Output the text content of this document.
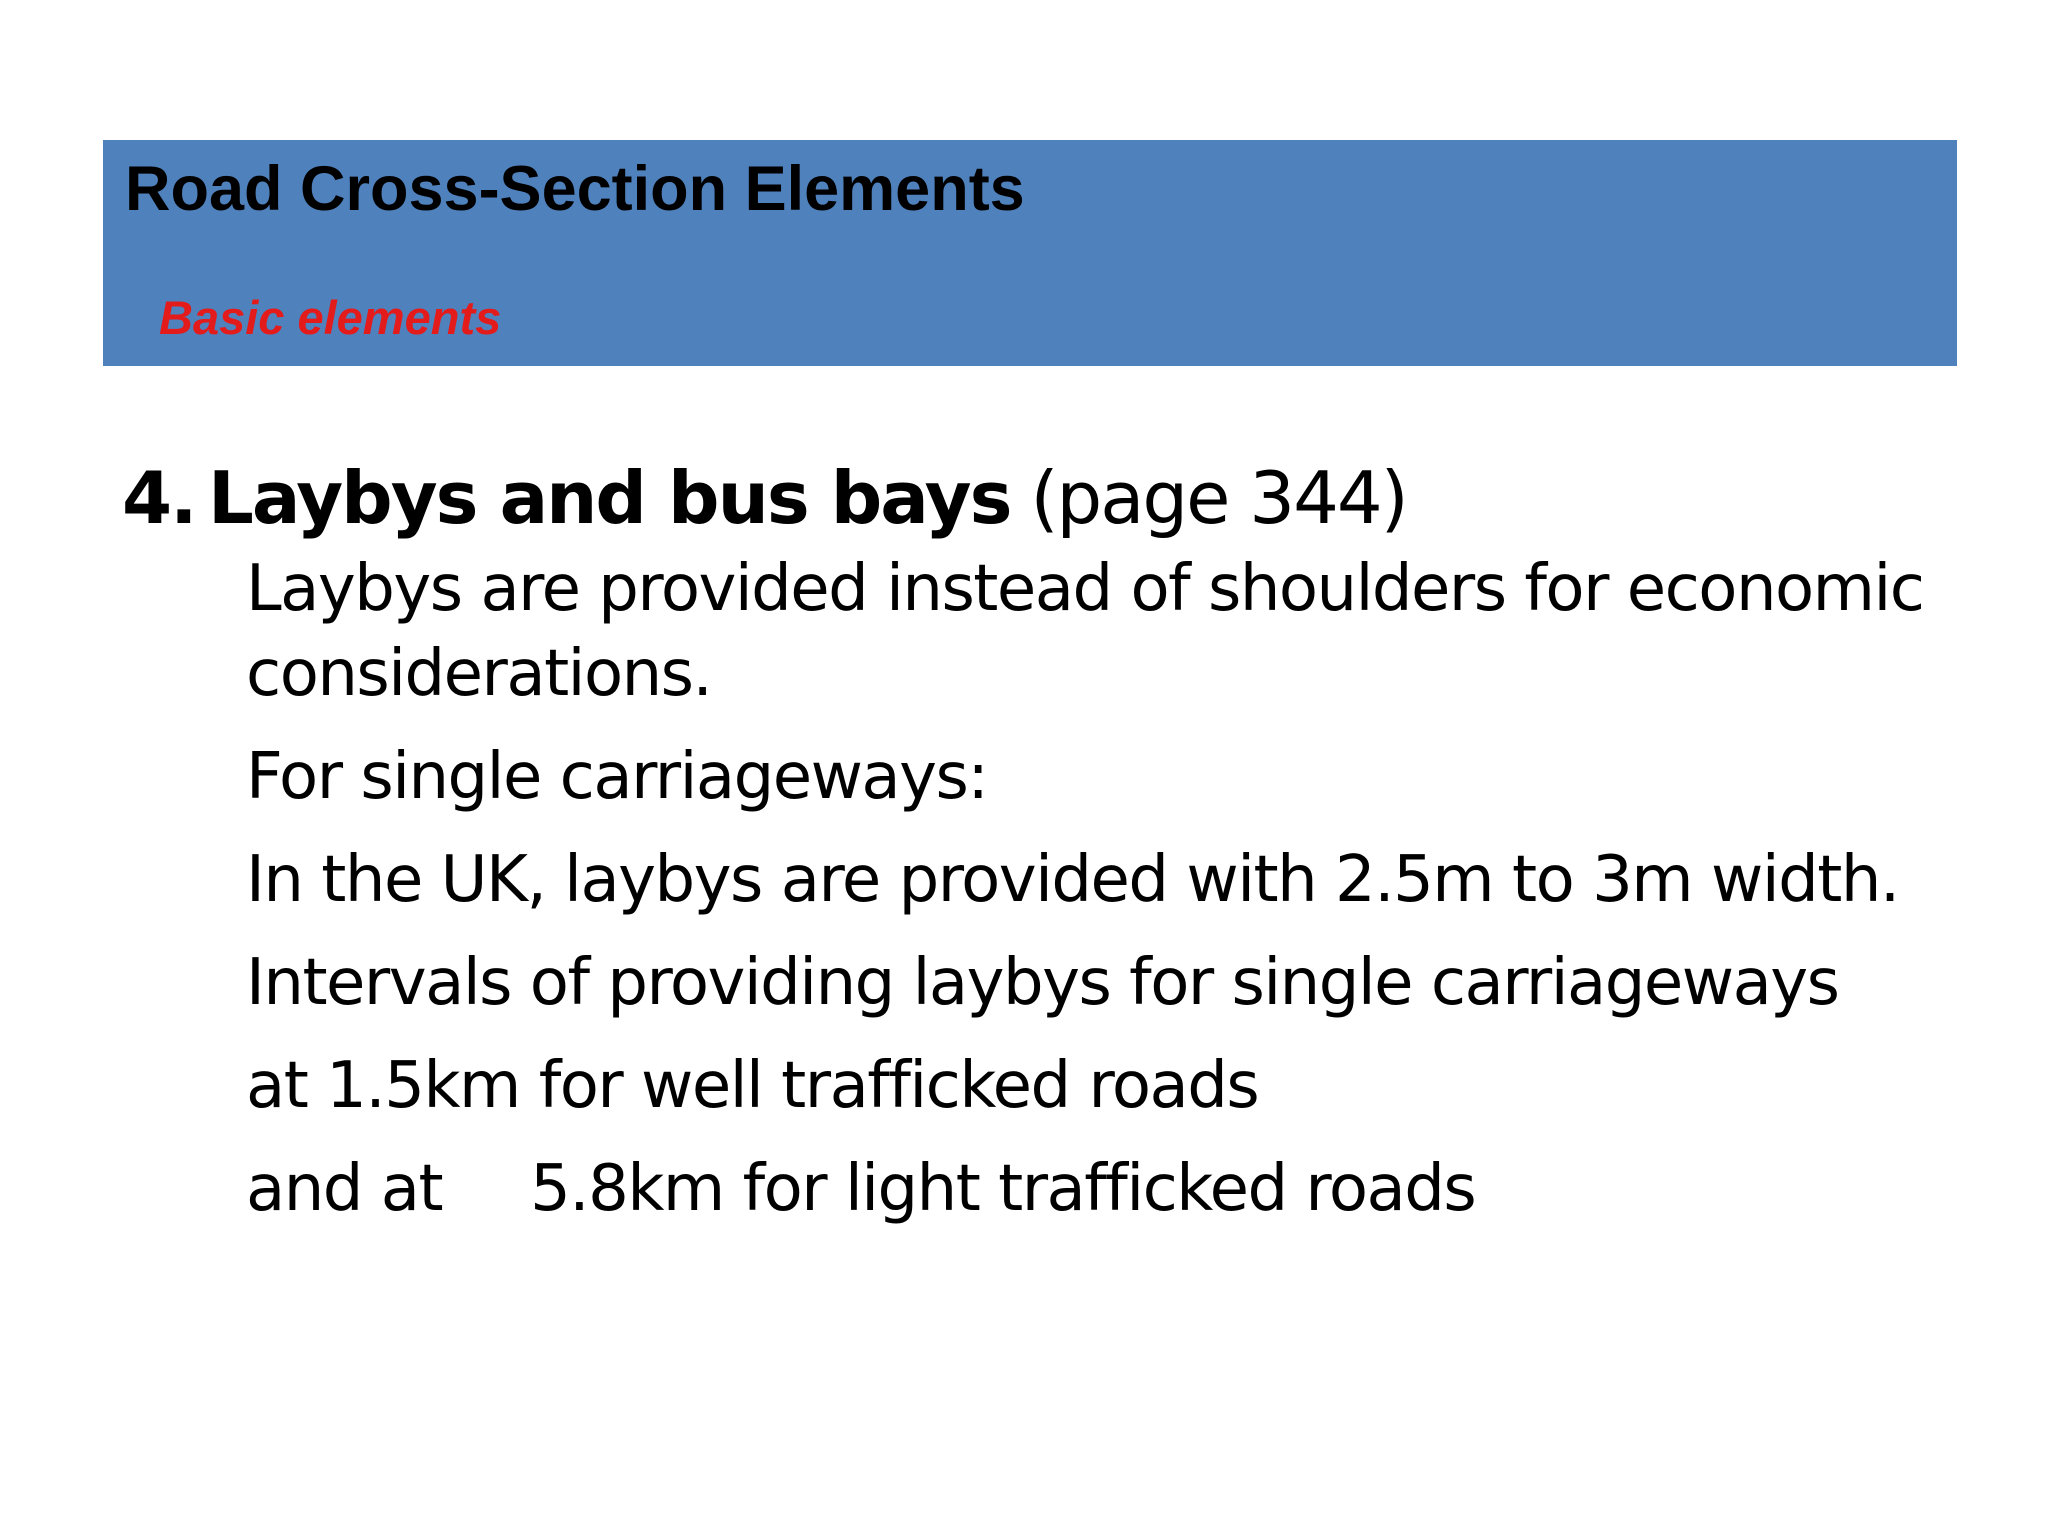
Road Cross-Section Elements
Basic elements
4. Laybys and bus bays (page 344)

Laybys are provided instead of shoulders for economic considerations.

For single carriageways:

In the UK, laybys are provided with 2.5m to 3m width.

Intervals of providing laybys for single carriageways

at 1.5km for well trafficked roads

and at 5.8km for light trafficked roads
